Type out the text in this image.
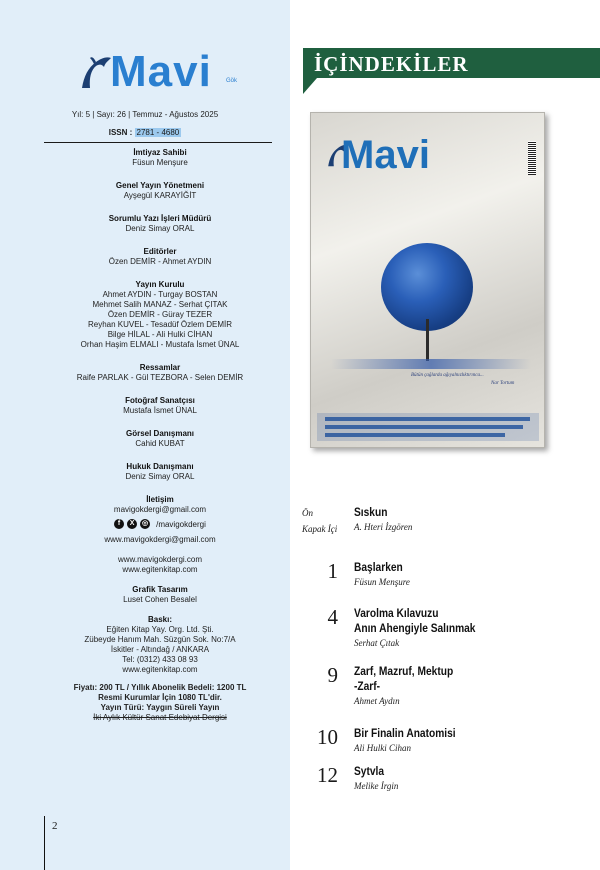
Mavi Gök
Yıl: 5 | Sayı: 26 | Temmuz - Ağustos 2025
ISSN : 2781 - 4680
İmtiyaz Sahibi
Füsun Menşure
Genel Yayın Yönetmeni
Ayşegül KARAYİĞİT
Sorumlu Yazı İşleri Müdürü
Deniz Simay ORAL
Editörler
Özen DEMİR - Ahmet AYDIN
Yayın Kurulu
Ahmet AYDIN - Turgay BOSTAN
Mehmet Salih MANAZ - Serhat ÇITAK
Özen DEMİR - Güray TEZER
Reyhan KUVEL - Tesadüf Özlem DEMİR
Bilge HİLAL - Ali Hulki CİHAN
Orhan Haşim ELMALI - Mustafa İsmet ÜNAL
Ressamlar
Raife PARLAK - Gül TEZBORA - Selen DEMİR
Fotoğraf Sanatçısı
Mustafa İsmet ÜNAL
Görsel Danışmanı
Cahid KUBAT
Hukuk Danışmanı
Deniz Simay ORAL
İletişim
mavigokdergi@gmail.com
f	X	◎ /mavigokdergi
www.mavigokdergi@gmail.com
www.mavigokdergi.com
www.egitenkitap.com
Grafik Tasarım
Luset Cohen Besalel
Baskı:
Eğiten Kitap Yay. Org. Ltd. Şti.
Zübeyde Hanım Mah. Süzgün Sok. No:7/A
İskitler - Altındağ / ANKARA
Tel: (0312) 433 08 93
www.egitenkitap.com
Fiyatı: 200 TL / Yıllık Abonelik Bedeli: 1200 TL
Resmi Kurumlar İçin 1080 TL'dir.
Yayın Türü: Yaygın Süreli Yayın
İki Aylık Kültür Sanat Edebiyat Dergisi
2
İÇİNDEKİLER
Mavi
Bütün çağlarda ağıyalnızlıktırınca...
Nar Tortum
Ön
Kapak İçi
Sıskun
A. Hteri İzgören
1 Başlarken
Füsun Menşure
4 Varolma Kılavuzu
Anın Ahengiyle Salınmak
Serhat Çıtak
9 Zarf, Mazruf, Mektup
-Zarf-
Ahmet Aydın
10 Bir Finalin Anatomisi
Ali Hulki Cihan
12 Sytvla
Melike İrgin
